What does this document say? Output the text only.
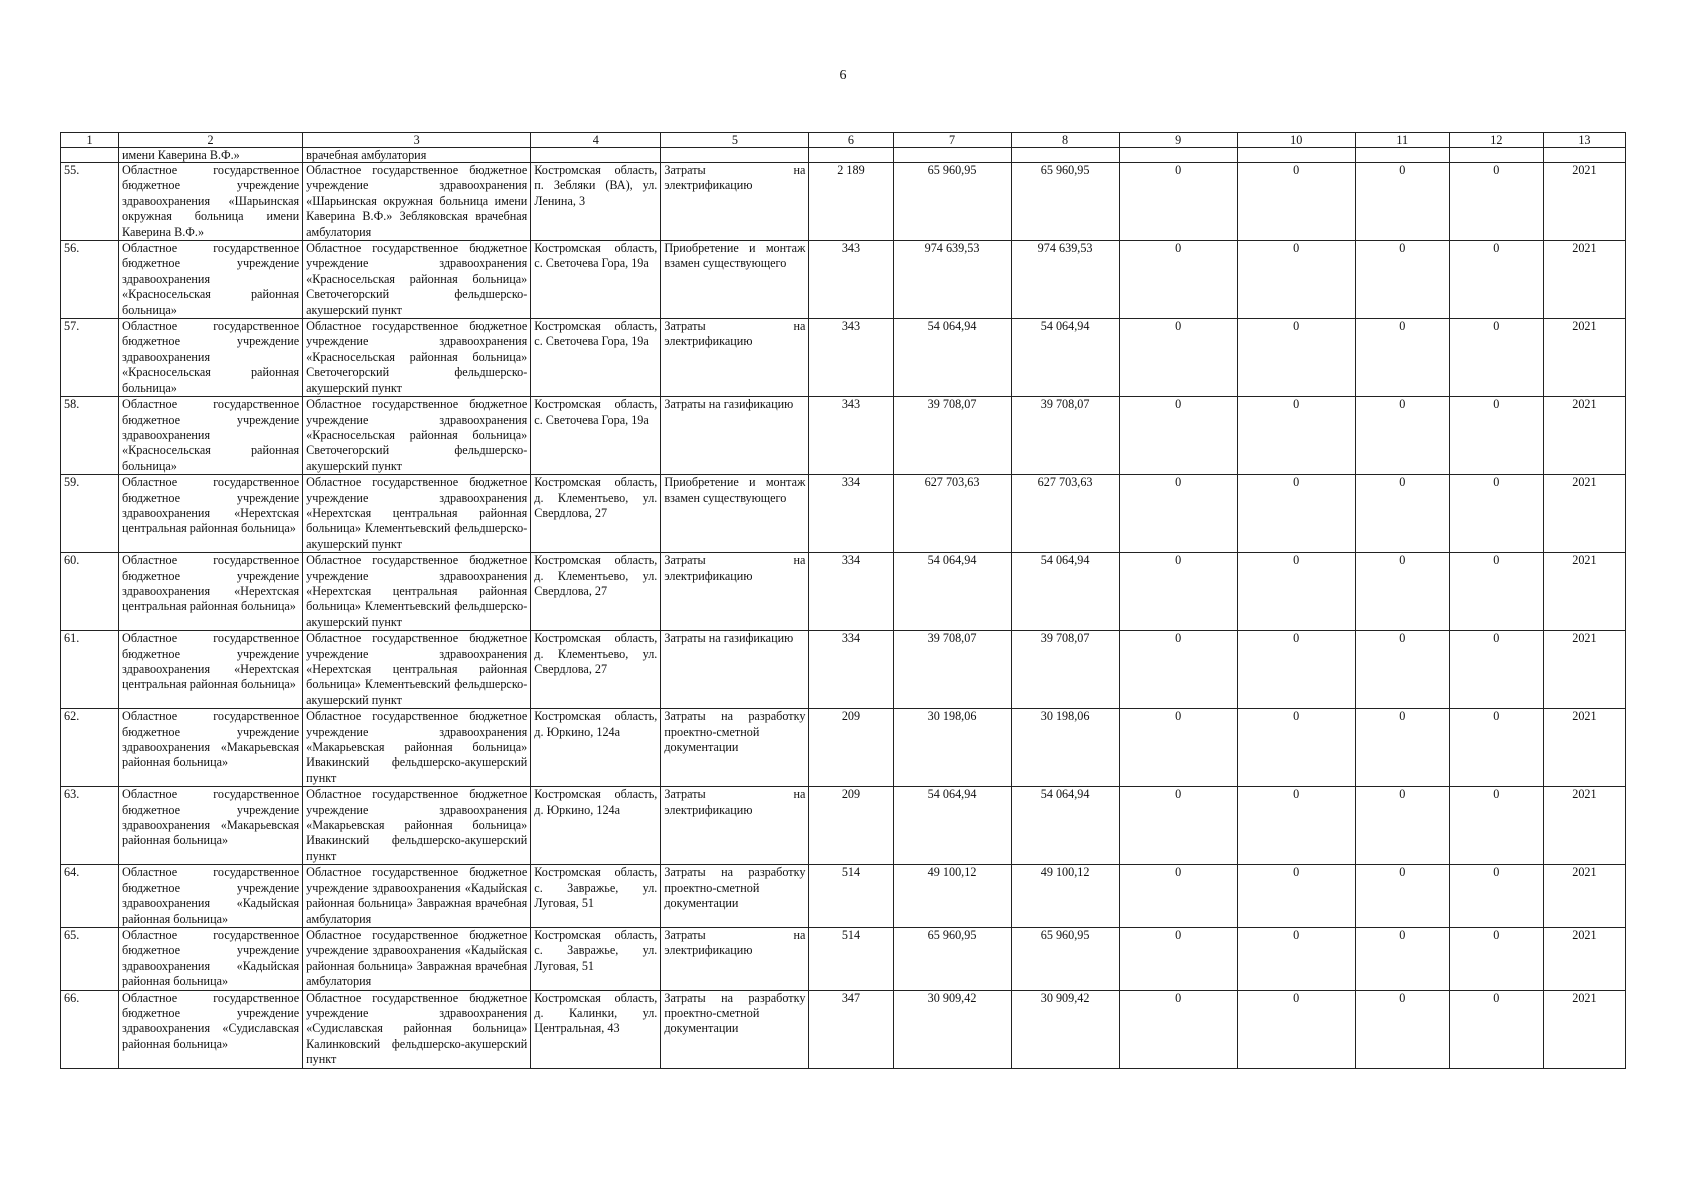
6
1	2	3	4	5	6	7	8	9	10	11	12	13
	имени Каверина В.Ф.»	врачебная амбулатория										
55.	Областное государственное бюджетное учреждение здравоохранения «Шарьинская окружная больница имени Каверина В.Ф.»	Областное государственное бюджетное учреждение здравоохранения «Шарьинская окружная больница имени Каверина В.Ф.» Зебляковская врачебная амбулатория	Костромская область, п. Зебляки (ВА), ул. Ленина, 3	Затраты на электрификацию	2 189	65 960,95	65 960,95	0	0	0	0	2021
56.	Областное государственное бюджетное учреждение здравоохранения «Красносельская районная больница»	Областное государственное бюджетное учреждение здравоохранения «Красносельская районная больница» Светочегорский фельдшерско-акушерский пункт	Костромская область, с. Светочева Гора, 19а	Приобретение и монтаж взамен существующего	343	974 639,53	974 639,53	0	0	0	0	2021
57.	Областное государственное бюджетное учреждение здравоохранения «Красносельская районная больница»	Областное государственное бюджетное учреждение здравоохранения «Красносельская районная больница» Светочегорский фельдшерско-акушерский пункт	Костромская область, с. Светочева Гора, 19а	Затраты на электрификацию	343	54 064,94	54 064,94	0	0	0	0	2021
58.	Областное государственное бюджетное учреждение здравоохранения «Красносельская районная больница»	Областное государственное бюджетное учреждение здравоохранения «Красносельская районная больница» Светочегорский фельдшерско-акушерский пункт	Костромская область, с. Светочева Гора, 19а	Затраты на газификацию	343	39 708,07	39 708,07	0	0	0	0	2021
59.	Областное государственное бюджетное учреждение здравоохранения «Нерехтская центральная районная больница»	Областное государственное бюджетное учреждение здравоохранения «Нерехтская центральная районная больница» Клементьевский фельдшерско-акушерский пункт	Костромская область, д. Клементьево, ул. Свердлова, 27	Приобретение и монтаж взамен существующего	334	627 703,63	627 703,63	0	0	0	0	2021
60.	Областное государственное бюджетное учреждение здравоохранения «Нерехтская центральная районная больница»	Областное государственное бюджетное учреждение здравоохранения «Нерехтская центральная районная больница» Клементьевский фельдшерско-акушерский пункт	Костромская область, д. Клементьево, ул. Свердлова, 27	Затраты на электрификацию	334	54 064,94	54 064,94	0	0	0	0	2021
61.	Областное государственное бюджетное учреждение здравоохранения «Нерехтская центральная районная больница»	Областное государственное бюджетное учреждение здравоохранения «Нерехтская центральная районная больница» Клементьевский фельдшерско-акушерский пункт	Костромская область, д. Клементьево, ул. Свердлова, 27	Затраты на газификацию	334	39 708,07	39 708,07	0	0	0	0	2021
62.	Областное государственное бюджетное учреждение здравоохранения «Макарьевская районная больница»	Областное государственное бюджетное учреждение здравоохранения «Макарьевская районная больница» Ивакинский фельдшерско-акушерский пункт	Костромская область, д. Юркино, 124а	Затраты на разработку проектно-сметной документации	209	30 198,06	30 198,06	0	0	0	0	2021
63.	Областное государственное бюджетное учреждение здравоохранения «Макарьевская районная больница»	Областное государственное бюджетное учреждение здравоохранения «Макарьевская районная больница» Ивакинский фельдшерско-акушерский пункт	Костромская область, д. Юркино, 124а	Затраты на электрификацию	209	54 064,94	54 064,94	0	0	0	0	2021
64.	Областное государственное бюджетное учреждение здравоохранения «Кадыйская районная больница»	Областное государственное бюджетное учреждение здравоохранения «Кадыйская районная больница» Завражная врачебная амбулатория	Костромская область, с. Завражье, ул. Луговая, 51	Затраты на разработку проектно-сметной документации	514	49 100,12	49 100,12	0	0	0	0	2021
65.	Областное государственное бюджетное учреждение здравоохранения «Кадыйская районная больница»	Областное государственное бюджетное учреждение здравоохранения «Кадыйская районная больница» Завражная врачебная амбулатория	Костромская область, с. Завражье, ул. Луговая, 51	Затраты на электрификацию	514	65 960,95	65 960,95	0	0	0	0	2021
66.	Областное государственное бюджетное учреждение здравоохранения «Судиславская районная больница»	Областное государственное бюджетное учреждение здравоохранения «Судиславская районная больница» Калинковский фельдшерско-акушерский пункт	Костромская область, д. Калинки, ул. Центральная, 43	Затраты на разработку проектно-сметной документации	347	30 909,42	30 909,42	0	0	0	0	2021
